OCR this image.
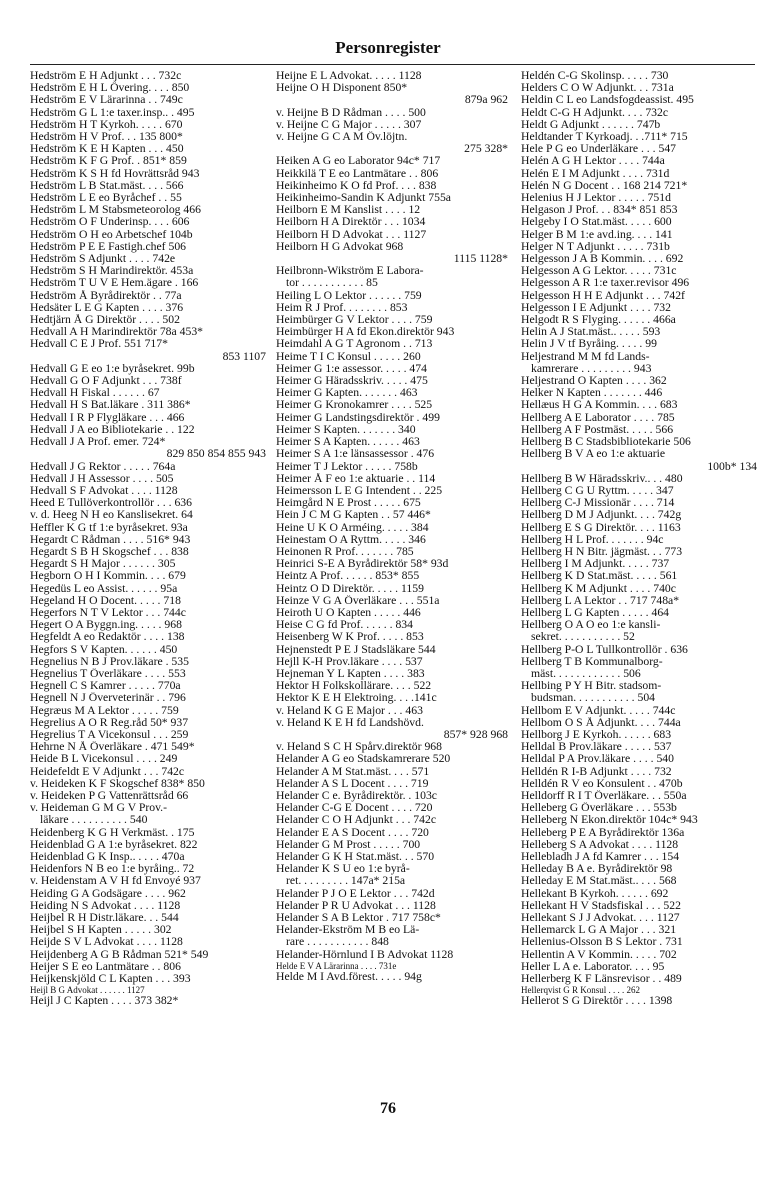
Personregister
Hedström E H Adjunkt . . . 732c
Hedström E H L Övering. . . . 850
Hedström E V Lärarinna . . 749c
Hedström G L 1:e taxer.insp.. . 495
Hedström H T Kyrkoh. . . . . 670
Hedström H V Prof. . . 135 800*
Hedström K E H Kapten . . . 450
Hedström K F G Prof. . 851* 859
Hedström K S H fd Hovrättsråd 943
Hedström L B Stat.mäst. . . . 566
Hedström L E eo Byråchef . . 55
Hedström L M Stabsmeteorolog 466
Hedström O F Underinsp. . . . 606
Hedström O H eo Arbetschef 104b
Hedström P E E Fastigh.chef 506
Hedström S Adjunkt . . . . 742e
Hedström S H Marindirektör. 453a
Hedström T U V E Hem.ägare . 166
Hedström Å Byrådirektör . . 77a
Hedsäter L E G Kapten . . . . 376
Hedtjärn Å G Direktör . . . . 502
Hedvall A H Marindirektör 78a 453*
Hedvall C E J Prof. 551 717*
853 1107
Hedvall G E eo 1:e byråsekret. 99b
Hedvall G O F Adjunkt . . . 738f
Hedvall H Fiskal . . . . . . 67
Hedvall H S Bat.läkare . 311 386*
Hedvall I R P Flygläkare . . . 466
Hedvall J A eo Bibliotekarie . . 122
Hedvall J A Prof. emer. 724*
829 850 854 855 943
Hedvall J G Rektor . . . . . 764a
Hedvall J H Assessor . . . . 505
Hedvall S F Advokat . . . . 1128
Heed E Tullöverkontrollör . . . 636
v. d. Heeg N H eo Kanslisekret. 64
Heffler K G tf 1:e byråsekret. 93a
Hegardt C Rådman . . . . 516* 943
Hegardt S B H Skogschef . . . 838
Hegardt S H Major . . . . . . 305
Hegborn O H I Kommin. . . . 679
Hegedüs L eo Assist. . . . . . 95a
Hegeland H O Docent. . . . . 718
Hegerfors N T V Lektor . . . 744c
Hegert O A Byggn.ing. . . . . 968
Hegfeldt A eo Redaktör . . . . 138
Hegfors S V Kapten. . . . . . 450
Hegnelius N B J Prov.läkare . 535
Hegnelius T Överläkare . . . . 553
Hegnell C S Kamrer . . . . . 770a
Hegnell N J Överveterinär . . 796
Hegræus M A Lektor . . . . . 759
Hegrelius A O R Reg.råd 50* 937
Hegrelius T A Vicekonsul . . . 259
Hehrne N Å Överläkare . 471 549*
Heide B L Vicekonsul . . . . 249
Heidefeldt E V Adjunkt . . . 742c
v. Heideken K F Skogschef 838* 850
v. Heideken P G Vattenrättsråd 66
v. Heideman G M G V Prov.-
läkare . . . . . . . . . . 540
Heidenberg K G H Verkmäst. . 175
Heidenblad G A 1:e byråsekret. 822
Heidenblad G K Insp.. . . . . 470a
Heidenfors N B eo 1:e byråing.. 72
v. Heidenstam A V H fd Envoyé 937
Heiding G A Godsägare . . . . 962
Heiding N S Advokat . . . . 1128
Heijbel R H Distr.läkare. . . 544
Heijbel S H Kapten . . . . . 302
Heijde S V L Advokat . . . . 1128
Heijdenberg A G B Rådman 521* 549
Heijer S E eo Lantmätare . . 806
Heijkenskjöld C L Kapten . . . 393
Heijl B G Advokat . . . . . . 1127
Heijl J C Kapten . . . . 373 382*
Heijne E L Advokat. . . . . 1128
Heijne O H Disponent 850*
879a 962
v. Heijne B D Rådman . . . . 500
v. Heijne C G Major . . . . . 307
v. Heijne G C A M Öv.löjtn.
275 328*
Heiken A G eo Laborator 94c* 717
Heikkilä T E eo Lantmätare . . 806
Heikinheimo K O fd Prof. . . . 838
Heikinheimo-Sandin K Adjunkt 755a
Heilborn E M Kanslist . . . . 12
Heilborn H A Direktör . . . 1034
Heilborn H D Advokat . . . 1127
Heilborn H G Advokat 968
1115 1128*
Heilbronn-Wikström E Labora-
tor . . . . . . . . . . . 85
Heiling L O Lektor . . . . . . 759
Heim R J Prof. . . . . . . . 853
Heimbürger G V Lektor . . . . 759
Heimbürger H A fd Ekon.direktör 943
Heimdahl A G T Agronom . . 713
Heime T I C Konsul . . . . . 260
Heimer G 1:e assessor. . . . . 474
Heimer G Häradsskriv. . . . . 475
Heimer G Kapten. . . . . . . 463
Heimer G Kronokamrer . . . . 525
Heimer G Landstingsdirektör . 499
Heimer S Kapten. . . . . . . 340
Heimer S A Kapten. . . . . . 463
Heimer S A 1:e länsassessor . 476
Heimer T J Lektor . . . . . 758b
Heimer Å F eo 1:e aktuarie . . 114
Heimersson L E G Intendent . . 225
Heimgård N E Prost . . . . . 675
Hein J C M G Kapten . . 57 446*
Heine U K O Arméing. . . . . 384
Heinestam O A Ryttm. . . . . 346
Heinonen R Prof. . . . . . . 785
Heinrici S-E A Byrådirektör 58* 93d
Heintz A Prof. . . . . . 853* 855
Heintz O D Direktör. . . . . 1159
Heinze V G A Överläkare . . . 551a
Heiroth U O Kapten . . . . . 446
Heise C G fd Prof. . . . . . 834
Heisenberg W K Prof. . . . . 853
Hejnenstedt P E J Stadsläkare 544
Hejll K-H Prov.läkare . . . . 537
Hejneman Y L Kapten . . . . 383
Hektor H Folkskollärare. . . . 522
Hektor K E H Elektroing. . . .141c
v. Heland K G E Major . . . 463
v. Heland K E H fd Landshövd.
857* 928 968
v. Heland S C H Spårv.direktör 968
Helander A G eo Stadskamrerare 520
Helander A M Stat.mäst. . . . 571
Helander A S L Docent . . . . 719
Helander C e. Byrådirektör. . 103c
Helander C-G E Docent . . . . 720
Helander C O H Adjunkt . . . 742c
Helander E A S Docent . . . . 720
Helander G M Prost . . . . . 700
Helander G K H Stat.mäst. . . 570
Helander K S U eo 1:e byrå-
ret. . . . . . . . . 147a* 215a
Helander P J O E Lektor . . . 742d
Helander P R U Advokat . . . 1128
Helander S A B Lektor . 717 758c*
Helander-Ekström M B eo Lä-
rare . . . . . . . . . . . 848
Helander-Hörnlund I B Advokat 1128
Helde E V A Lärarinna . . . . 731e
Helde M I Avd.förest. . . . . 94g
Heldén C-G Skolinsp. . . . . 730
Helders C O W Adjunkt. . . 731a
Heldin C L eo Landsfogdeassist. 495
Heldt C-G H Adjunkt. . . . 732c
Heldt G Adjunkt . . . . . . 747b
Heldtander T Kyrkoadj. . .711* 715
Hele P G eo Underläkare . . . 547
Helén A G H Lektor . . . . 744a
Helén E I M Adjunkt . . . . 731d
Helén N G Docent . . 168 214 721*
Helenius H J Lektor . . . . . 751d
Helgason J Prof. . . 834* 851 853
Helgeby I O Stat.mäst. . . . . 600
Helger B M 1:e avd.ing. . . . 141
Helger N T Adjunkt . . . . . 731b
Helgesson J A B Kommin. . . . 692
Helgesson A G Lektor. . . . . 731c
Helgesson A R 1:e taxer.revisor 496
Helgesson H H E Adjunkt . . . 742f
Helgesson I E Adjunkt . . . . 732
Helgodt R S Flyging. . . . . . 466a
Helin A J Stat.mäst.. . . . . 593
Helin J V tf Byråing. . . . . 99
Heljestrand M M fd Lands-
kamrerare . . . . . . . . . 943
Heljestrand O Kapten . . . . 362
Helker N Kapten . . . . . . . 446
Hellæus H G A Kommin. . . . 683
Hellberg A E Laborator . . . . 785
Hellberg A F Postmäst. . . . . 566
Hellberg B C Stadsbibliotekarie 506
Hellberg B V A eo 1:e aktuarie
100b* 134
Hellberg B W Häradsskriv.. . . 480
Hellberg C G U Ryttm. . . . . 347
Hellberg C-J Missionär . . . . 714
Hellberg D M J Adjunkt. . . . 742g
Hellberg E S G Direktör. . . . 1163
Hellberg H L Prof. . . . . . . 94c
Hellberg H N Bitr. jägmäst. . . 773
Hellberg I M Adjunkt. . . . . 737
Hellberg K D Stat.mäst. . . . . 561
Hellberg K M Adjunkt . . . . 740c
Hellberg L A Lektor . . 717 748a*
Hellberg L G Kapten . . . . . 464
Hellberg O A O eo 1:e kansli-
sekret. . . . . . . . . . . 52
Hellberg P-O L Tullkontrollör . 636
Hellberg T B Kommunalborg-
mäst. . . . . . . . . . . . 506
Hellbing P Y H Bitr. stadsom-
budsman. . . . . . . . . . . 504
Hellbom E V Adjunkt. . . . . 744c
Hellbom O S Å Adjunkt. . . . 744a
Hellborg J E Kyrkoh. . . . . . 683
Helldal B Prov.läkare . . . . . 537
Helldal P A Prov.läkare . . . . 540
Helldén R I-B Adjunkt . . . . 732
Helldén R V eo Konsulent . . 470b
Helldorff R I T Överläkare. . . 550a
Helleberg G Överläkare . . . 553b
Helleberg N Ekon.direktör 104c* 943
Helleberg P E A Byrådirektör 136a
Helleberg S A Advokat . . . . 1128
Hellebladh J A fd Kamrer . . . 154
Helleday B A e. Byrådirektör 98
Helleday E M Stat.mäst.. . . . 568
Hellekant B Kyrkoh. . . . . . 692
Hellekant H V Stadsfiskal . . . 522
Hellekant S J J Advokat. . . . 1127
Hellemarck L G A Major . . . 321
Hellenius-Olsson B S Lektor . 731
Hellentin A V Kommin. . . . . 702
Heller L A e. Laborator. . . . 95
Hellerberg K F Länsrevisor . . 489
Hellerqvist G R Konsul . . . . 262
Hellerot S G Direktör . . . . 1398
76
